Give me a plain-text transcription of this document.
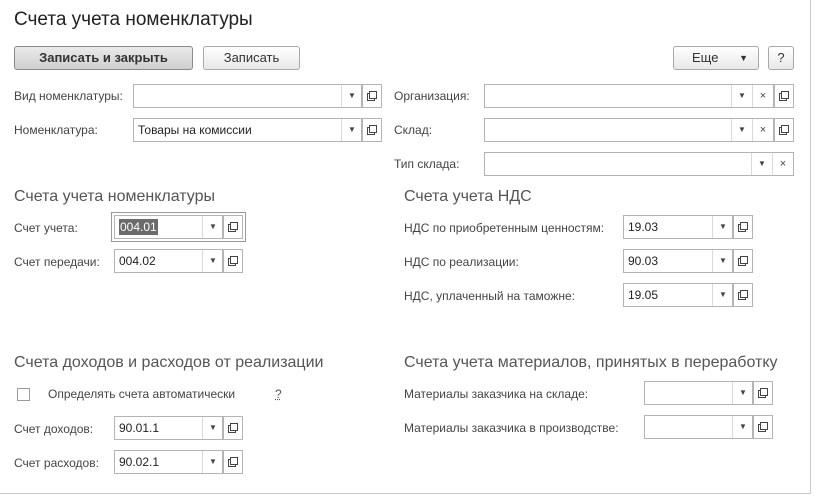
Счета учета номенклатуры
Записать и закрыть	Записать	Еще ▼	?
Вид номенклатуры:	▼
Номенклатура:	Товары на комиссии	▼
Организация:	▼	×
Склад:	▼	×
Тип склада:	▼	×
Счета учета номенклатуры
Счет учета:	004.01	▼
Счет передачи: 004.02	▼
Счета учета НДС
НДС по приобретенным ценностям: 19.03	▼
НДС по реализации:	90.03	▼
НДС, уплаченный на таможне:	19.05	▼
Счета доходов и расходов от реализации
Определять счета автоматически	?
Счет доходов: 90.01.1	▼
Счет расходов: 90.02.1	▼
Счета учета материалов, принятых в переработку
Материалы заказчика на складе:	▼
Материалы заказчика в производстве:	▼
